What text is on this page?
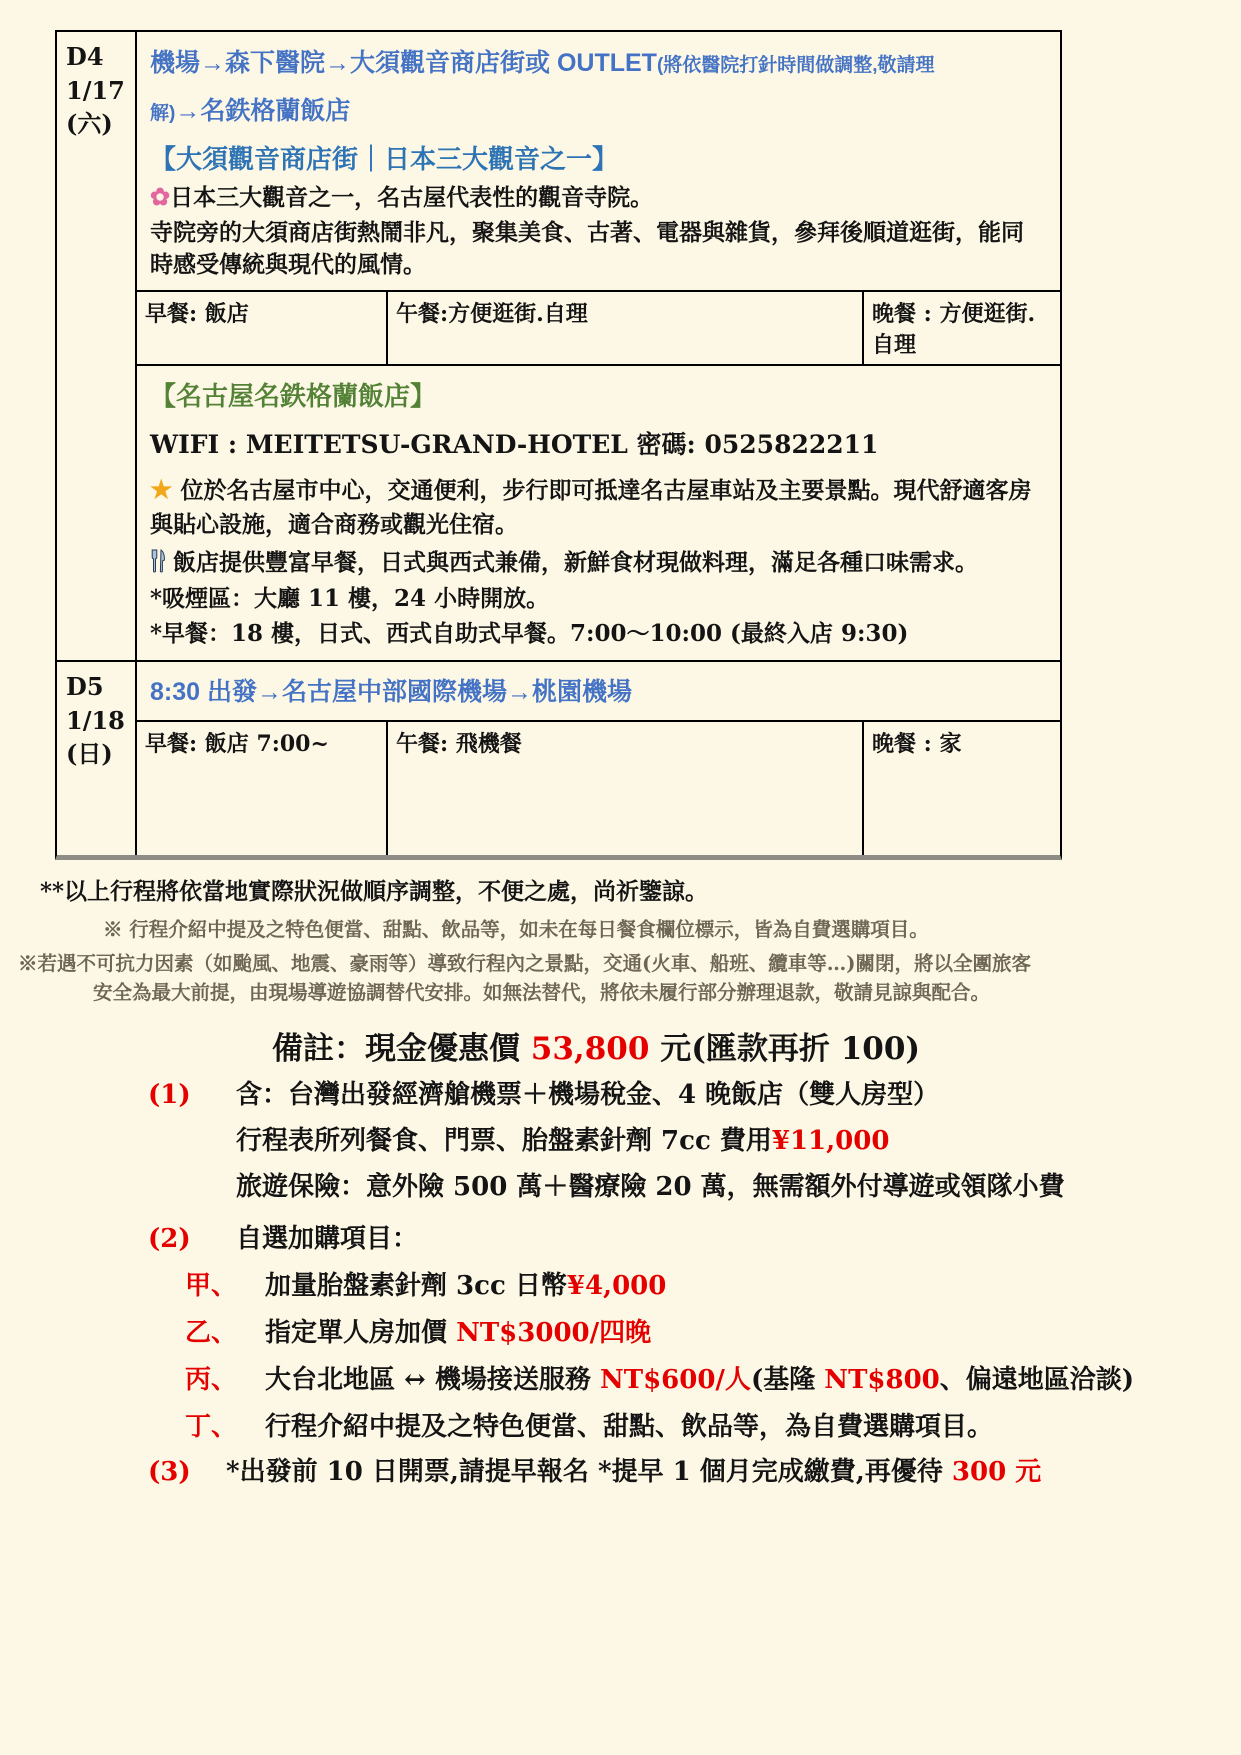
D4
1/17
(六)

機場→森下醫院→大須觀音商店街或 OUTLET(將依醫院打針時間做調整,敬請理
解)→名鉄格蘭飯店

【大須觀音商店街｜日本三大觀音之一】

✿日本三大觀音之一，名古屋代表性的觀音寺院。

寺院旁的大須商店街熱鬧非凡，聚集美食、古著、電器與雜貨，參拜後順道逛街，能同時感受傳統與現代的風情。

早餐: 飯店	午餐:方便逛街.自理	晚餐 : 方便逛街.自理

【名古屋名鉄格蘭飯店】

WIFI : MEITETSU-GRAND-HOTEL 密碼: 0525822211

★ 位於名古屋市中心，交通便利，步行即可抵達名古屋車站及主要景點。現代舒適客房與貼心設施，適合商務或觀光住宿。

飯店提供豐富早餐，日式與西式兼備，新鮮食材現做料理，滿足各種口味需求。

*吸煙區：大廳 11 樓，24 小時開放。

*早餐：18 樓，日式、西式自助式早餐。7:00～10:00 (最終入店 9:30)

D5
1/18
(日)

8:30 出發→名古屋中部國際機場→桃園機場

早餐: 飯店 7:00~	午餐: 飛機餐	晚餐 : 家

**以上行程將依當地實際狀況做順序調整，不便之處，尚祈鑒諒。

※ 行程介紹中提及之特色便當、甜點、飲品等，如未在每日餐食欄位標示，皆為自費選購項目。

※若遇不可抗力因素（如颱風、地震、豪雨等）導致行程內之景點，交通(火車、船班、纜車等…)關閉，將以全團旅客

安全為最大前提，由現場導遊協調替代安排。如無法替代，將依未履行部分辦理退款，敬請見諒與配合。

備註：現金優惠價 53,800 元(匯款再折 100)

(1)	含：台灣出發經濟艙機票＋機場稅金、4 晚飯店（雙人房型）
行程表所列餐食、門票、胎盤素針劑 7cc 費用¥11,000
旅遊保險：意外險 500 萬＋醫療險 20 萬，無需額外付導遊或領隊小費
(2)	自選加購項目：
甲、	加量胎盤素針劑 3cc 日幣¥4,000
乙、	指定單人房加價 NT$3000/四晚
丙、	大台北地區 ↔ 機場接送服務 NT$600/人(基隆 NT$800、偏遠地區洽談)
丁、	行程介紹中提及之特色便當、甜點、飲品等，為自費選購項目。
(3)	*出發前 10 日開票,請提早報名 *提早 1 個月完成繳費,再優待 300 元
